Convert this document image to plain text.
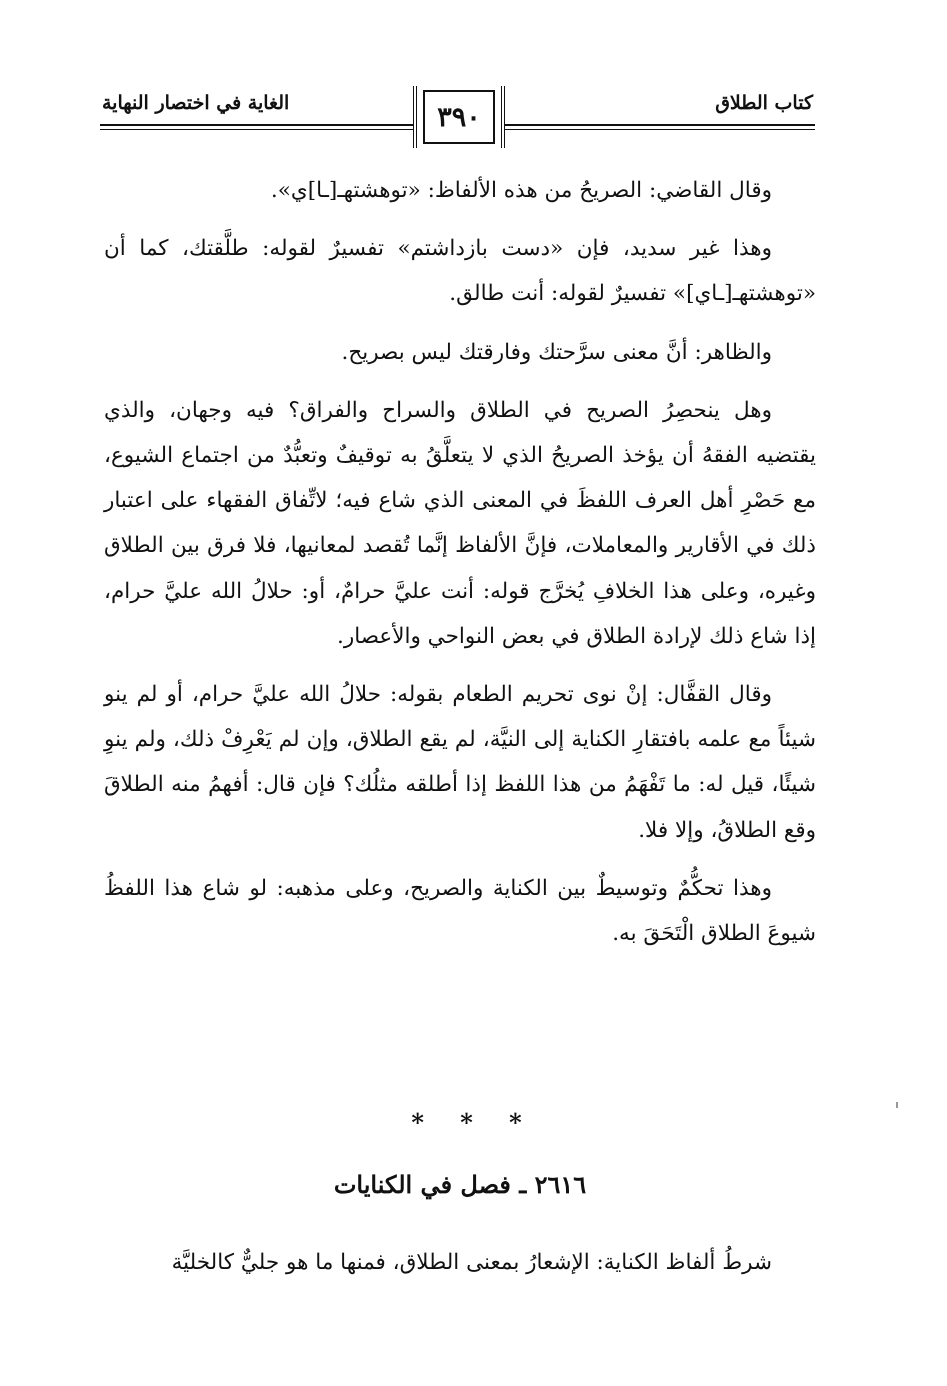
كتاب الطلاق
الغاية في اختصار النهاية	٣٩٠

وقال القاضي: الصريحُ من هذه الألفاظ: «توهشتهـ[ـا]ي».

وهذا غير سديد، فإن «دست بازداشتم» تفسيرٌ لقوله: طلَّقتك، كما أن «توهشتهـ[ـاي]» تفسيرٌ لقوله: أنت طالق.

والظاهر: أنَّ معنى سرَّحتك وفارقتك ليس بصريح.

وهل ينحصِرُ الصريح في الطلاق والسراح والفراق؟ فيه وجهان، والذي يقتضيه الفقهُ أن يؤخذ الصريحُ الذي لا يتعلَّقُ به توقيفٌ وتعبُّدٌ من اجتماع الشيوع، مع حَصْرِ أهل العرف اللفظَ في المعنى الذي شاع فيه؛ لاتِّفاق الفقهاء على اعتبار ذلك في الأقارير والمعاملات، فإنَّ الألفاظ إنَّما تُقصد لمعانيها، فلا فرق بين الطلاق وغيره، وعلى هذا الخلافِ يُخرَّج قوله: أنت عليَّ حرامٌ، أو: حلالُ الله عليَّ حرام، إذا شاع ذلك لإرادة الطلاق في بعض النواحي والأعصار.

وقال القفَّال: إنْ نوى تحريم الطعام بقوله: حلالُ الله عليَّ حرام، أو لم ينو شيئاً مع علمه بافتقارِ الكناية إلى النيَّة، لم يقع الطلاق، وإن لم يَعْرِفْ ذلك، ولم ينوِ شيئًا، قيل له: ما تَفْهَمُ من هذا اللفظ إذا أطلقه مثلُك؟ فإن قال: أفهمُ منه الطلاقَ وقع الطلاقُ، وإلا فلا.

وهذا تحكُّمٌ وتوسيطٌ بين الكناية والصريح، وعلى مذهبه: لو شاع هذا اللفظُ شيوعَ الطلاق الْتَحَقَ به.

* * *
٢٦١٦ ـ فصل في الكنايات

شرطُ ألفاظ الكناية: الإشعارُ بمعنى الطلاق، فمنها ما هو جليٌّ كالخليَّة
